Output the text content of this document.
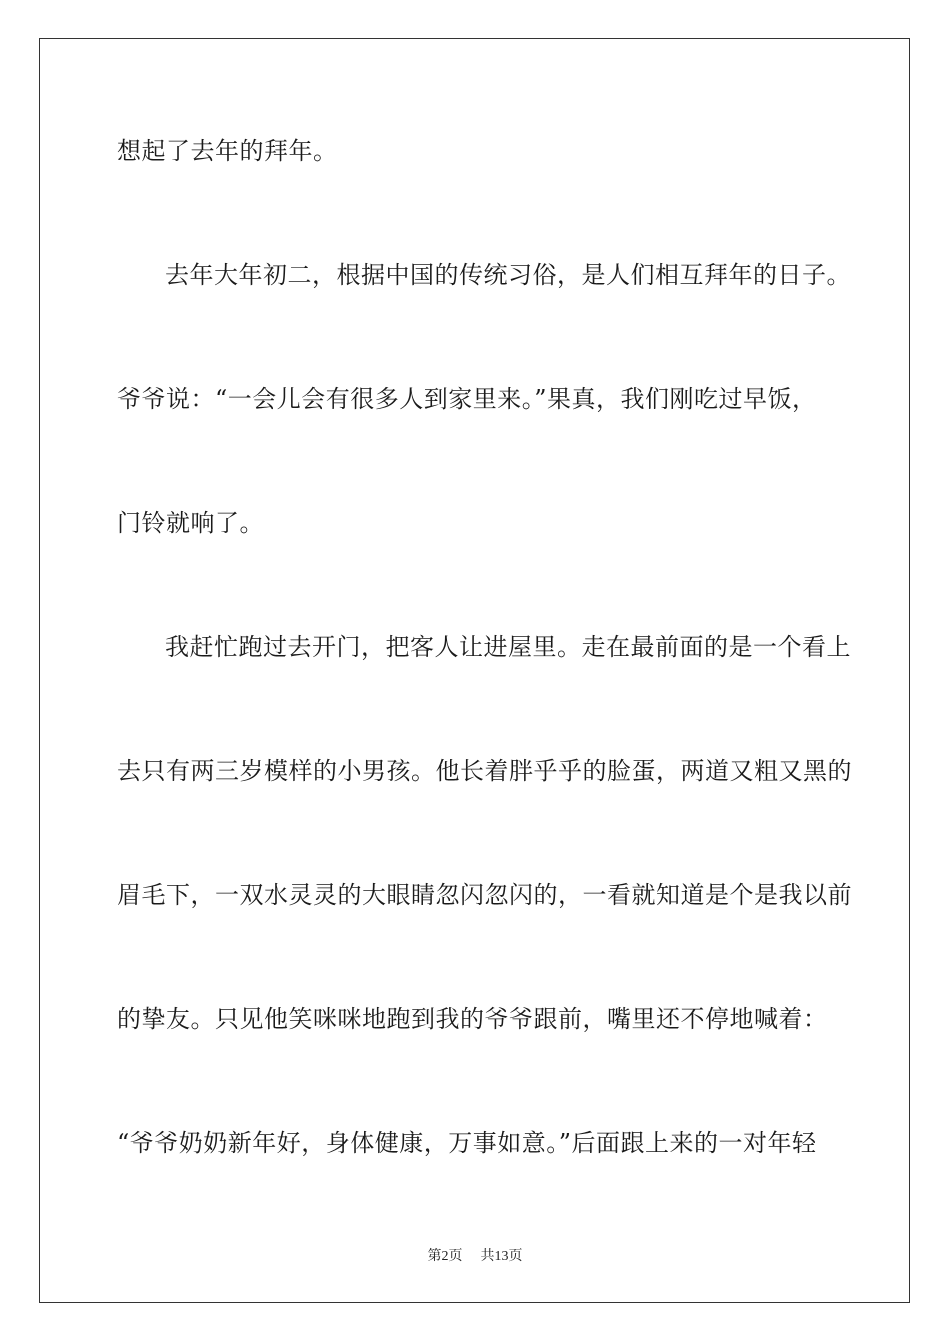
想起了去年的拜年。
去年大年初二，根据中国的传统习俗，是人们相互拜年的日子。
爷爷说：“一会儿会有很多人到家里来。”果真，我们刚吃过早饭，
门铃就响了。
我赶忙跑过去开门，把客人让进屋里。走在最前面的是一个看上
去只有两三岁模样的小男孩。他长着胖乎乎的脸蛋，两道又粗又黑的
眉毛下，一双水灵灵的大眼睛忽闪忽闪的，一看就知道是个是我以前
的挚友。只见他笑咪咪地跑到我的爷爷跟前，嘴里还不停地喊着：
“爷爷奶奶新年好，身体健康，万事如意。”后面跟上来的一对年轻
第2页 共13页
